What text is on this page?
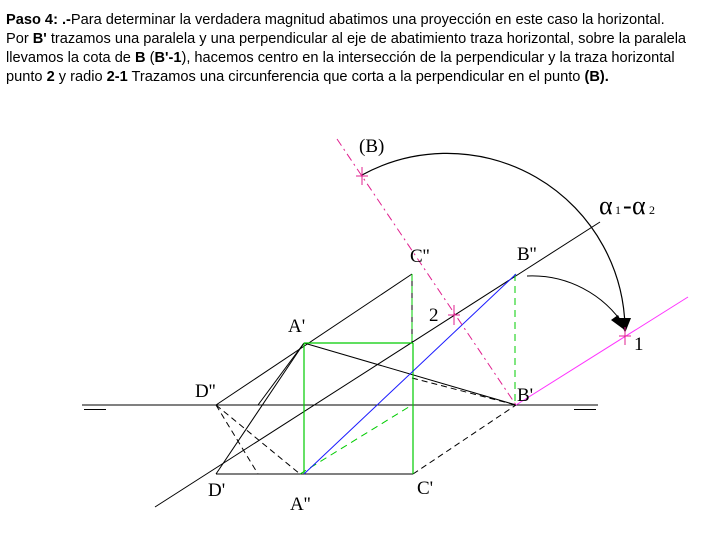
Paso 4: .-Para determinar la verdadera magnitud abatimos una proyección en este caso la horizontal.
Por B' trazamos una paralela y una perpendicular al eje de abatimiento traza horizontal, sobre la paralela llevamos la cota de B (B'-1), hacemos centro en la intersección de la perpendicular y la traza horizontal punto 2 y radio 2-1 Trazamos una circunferencia que corta a la perpendicular en el punto (B).
(B)
α 1 - α 2
C''	B''
A'
2
1
D''	B'
D'
A''
C'
